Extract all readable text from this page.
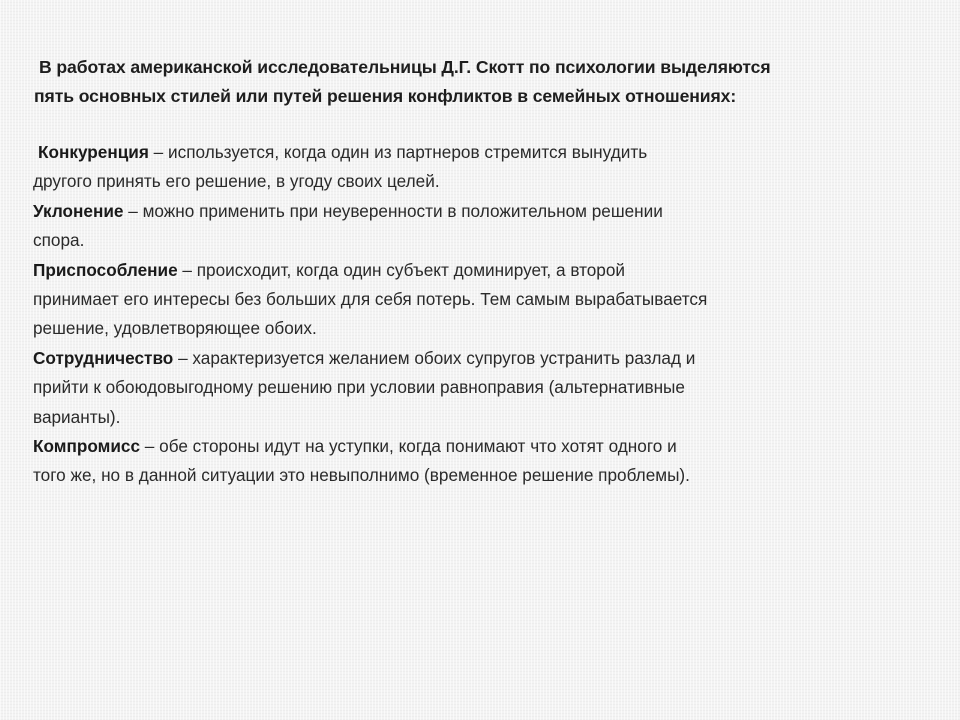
В работах американской исследовательницы Д.Г. Скотт по психологии выделяются
пять основных стилей или путей решения конфликтов в семейных отношениях:

Конкуренция – используется, когда один из партнеров стремится вынудить
другого принять его решение, в угоду своих целей.
Уклонение – можно применить при неуверенности в положительном решении
спора.
Приспособление – происходит, когда один субъект доминирует, а второй
принимает его интересы без больших для себя потерь. Тем самым вырабатывается
решение, удовлетворяющее обоих.
Сотрудничество – характеризуется желанием обоих супругов устранить разлад и
прийти к обоюдовыгодному решению при условии равноправия (альтернативные
варианты).
Компромисс – обе стороны идут на уступки, когда понимают что хотят одного и
того же, но в данной ситуации это невыполнимо (временное решение проблемы).
